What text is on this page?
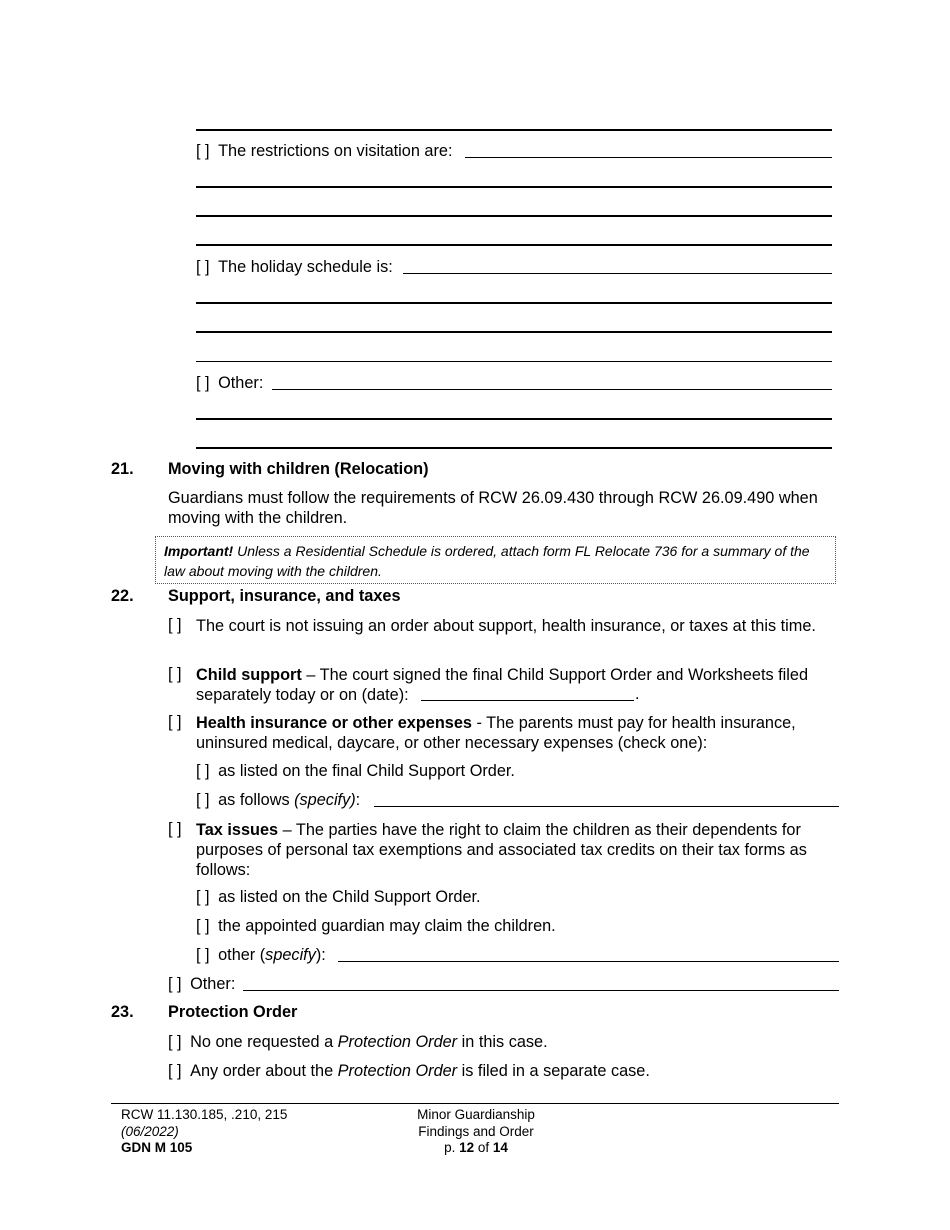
[ ] The restrictions on visitation are:
[ ] The holiday schedule is:
[ ] Other:
21. Moving with children (Relocation)
Guardians must follow the requirements of RCW 26.09.430 through RCW 26.09.490 when moving with the children.
Important! Unless a Residential Schedule is ordered, attach form FL Relocate 736 for a summary of the law about moving with the children.
22. Support, insurance, and taxes
[ ] The court is not issuing an order about support, health insurance, or taxes at this time.
[ ] Child support – The court signed the final Child Support Order and Worksheets filed separately today or on (date):	.
[ ] Health insurance or other expenses - The parents must pay for health insurance, uninsured medical, daycare, or other necessary expenses (check one):
[ ] as listed on the final Child Support Order.
[ ] as follows (specify):
[ ] Tax issues – The parties have the right to claim the children as their dependents for purposes of personal tax exemptions and associated tax credits on their tax forms as follows:
[ ] as listed on the Child Support Order.
[ ] the appointed guardian may claim the children.
[ ] other (specify):
[ ] Other:
23. Protection Order
[ ] No one requested a Protection Order in this case.
[ ] Any order about the Protection Order is filed in a separate case.
RCW 11.130.185, .210, 215
(06/2022)
GDN M 105
Minor Guardianship
Findings and Order
p. 12 of 14
